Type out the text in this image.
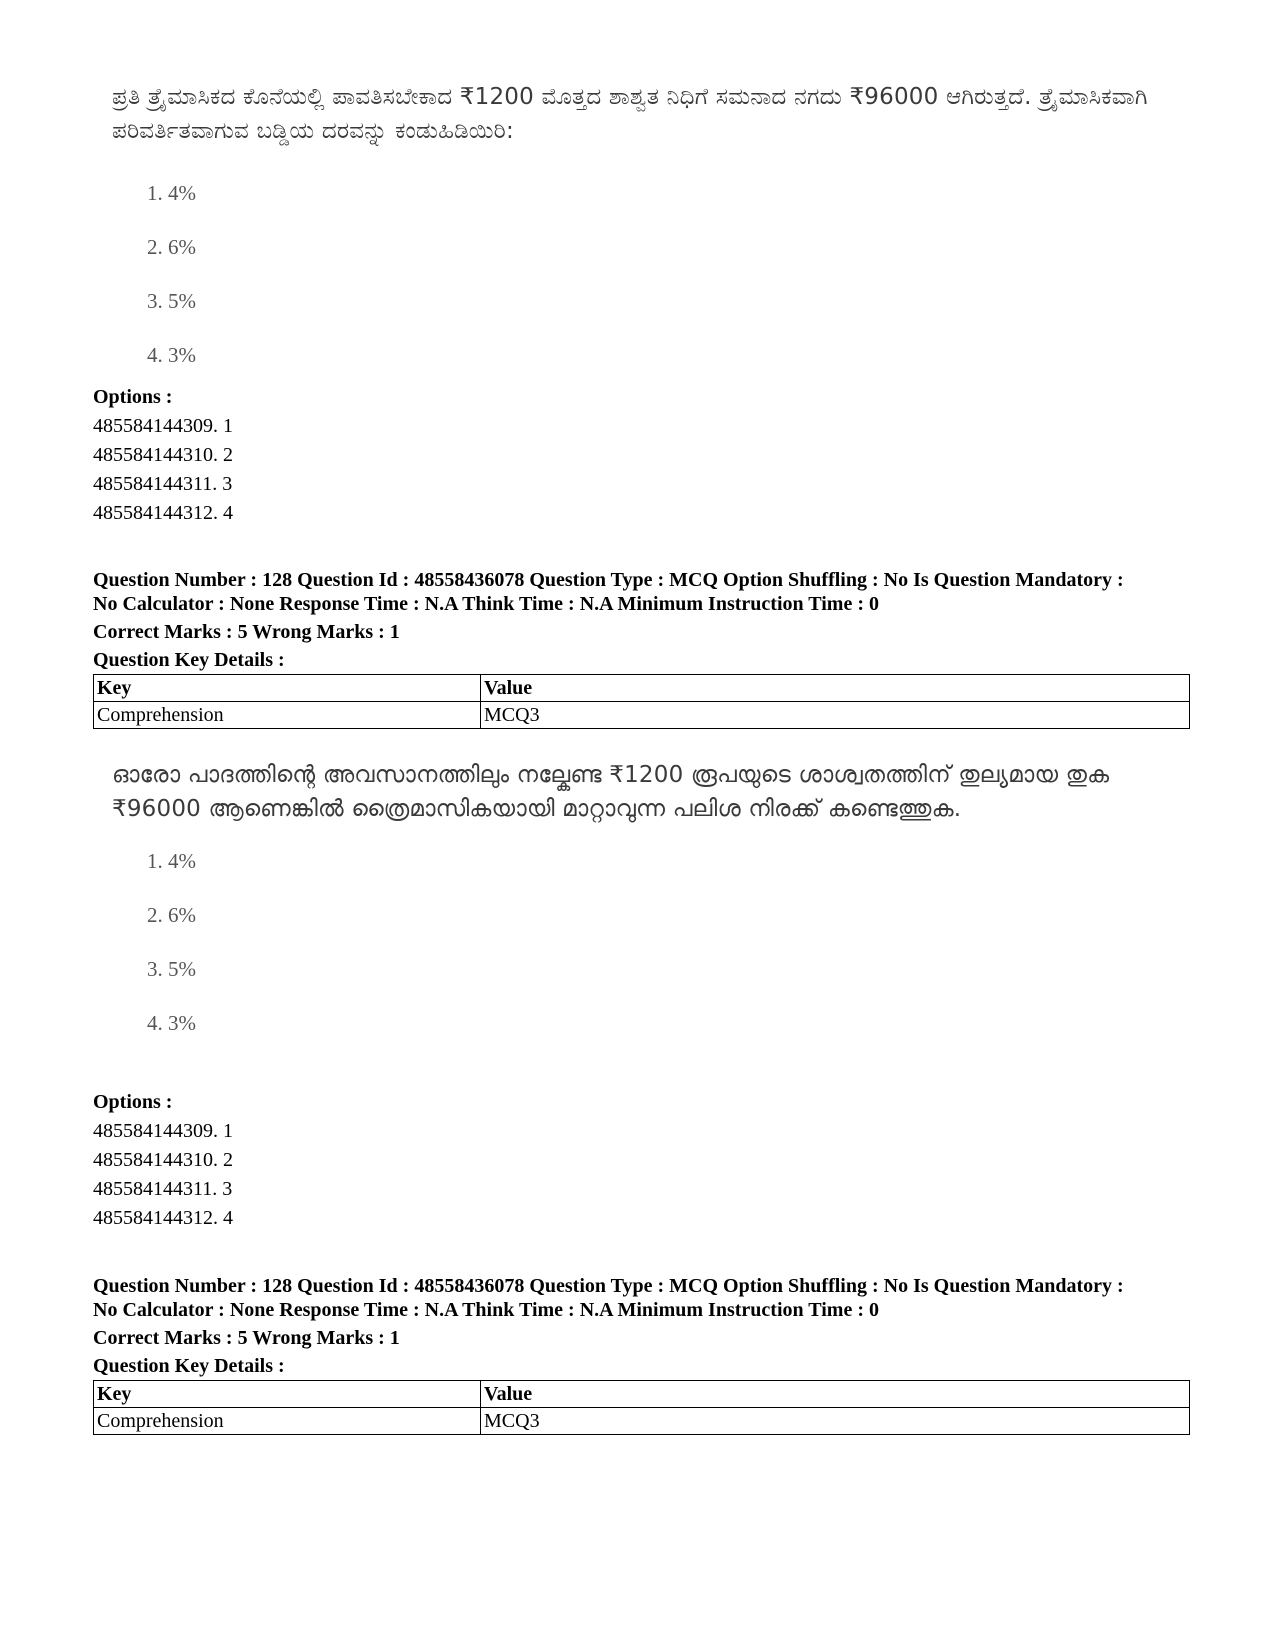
ಪ್ರತಿ ತ್ರೈಮಾಸಿಕದ ಕೊನೆಯಲ್ಲಿ ಪಾವತಿಸಬೇಕಾದ ₹1200 ಮೊತ್ತದ ಶಾಶ್ವತ ನಿಧಿಗೆ ಸಮನಾದ ನಗದು ₹96000 ಆಗಿರುತ್ತದೆ. ತ್ರೈಮಾಸಿಕವಾಗಿ ಪರಿವರ್ತಿತವಾಗುವ ಬಡ್ಡಿಯ ದರವನ್ನು ಕಂಡುಹಿಡಿಯಿರಿ:

1. 4%
2. 6%
3. 5%
4. 3%
Options :
485584144309. 1
485584144310. 2
485584144311. 3
485584144312. 4
Question Number : 128 Question Id : 48558436078 Question Type : MCQ Option Shuffling : No Is Question Mandatory :
No Calculator : None Response Time : N.A Think Time : N.A Minimum Instruction Time : 0
Correct Marks : 5 Wrong Marks : 1
Question Key Details :
Key	Value
Comprehension	MCQ3

ഓരോ പാദത്തിന്റെ അവസാനത്തിലും നല്കേണ്ട ₹1200 രൂപയുടെ ശാശ്വതത്തിന് തുല്യമായ തുക ₹96000 ആണെങ്കിൽ ത്രൈമാസികയായി മാറ്റാവുന്ന പലിശ നിരക്ക് കണ്ടെത്തുക.

1. 4%
2. 6%
3. 5%
4. 3%
Options :
485584144309. 1
485584144310. 2
485584144311. 3
485584144312. 4
Question Number : 128 Question Id : 48558436078 Question Type : MCQ Option Shuffling : No Is Question Mandatory :
No Calculator : None Response Time : N.A Think Time : N.A Minimum Instruction Time : 0
Correct Marks : 5 Wrong Marks : 1
Question Key Details :
Key	Value
Comprehension	MCQ3
